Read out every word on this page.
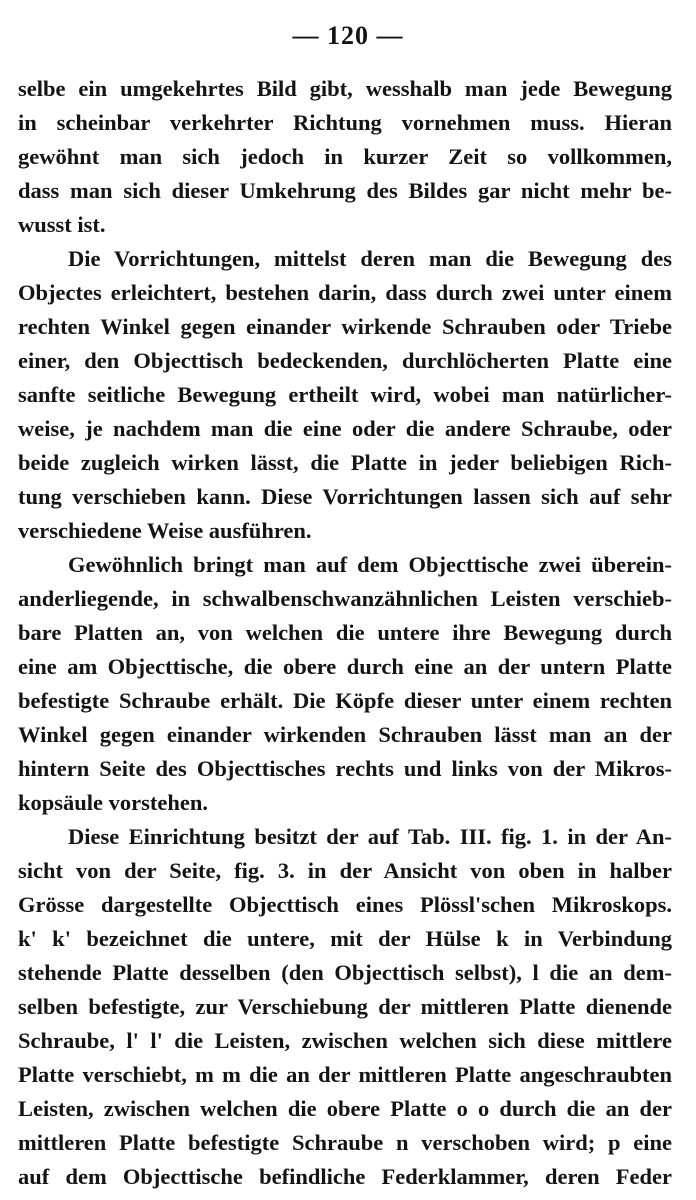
— 120 —
selbe ein umgekehrtes Bild gibt, wesshalb man jede Bewegung
in scheinbar verkehrter Richtung vornehmen muss. Hieran
gewöhnt man sich jedoch in kurzer Zeit so vollkommen,
dass man sich dieser Umkehrung des Bildes gar nicht mehr be-
wusst ist.
Die Vorrichtungen, mittelst deren man die Bewegung des
Objectes erleichtert, bestehen darin, dass durch zwei unter einem
rechten Winkel gegen einander wirkende Schrauben oder Triebe
einer, den Objecttisch bedeckenden, durchlöcherten Platte eine
sanfte seitliche Bewegung ertheilt wird, wobei man natürlicher-
weise, je nachdem man die eine oder die andere Schraube, oder
beide zugleich wirken lässt, die Platte in jeder beliebigen Rich-
tung verschieben kann. Diese Vorrichtungen lassen sich auf sehr
verschiedene Weise ausführen.
Gewöhnlich bringt man auf dem Objecttische zwei überein-
anderliegende, in schwalbenschwanzähnlichen Leisten verschieb-
bare Platten an, von welchen die untere ihre Bewegung durch
eine am Objecttische, die obere durch eine an der untern Platte
befestigte Schraube erhält. Die Köpfe dieser unter einem rechten
Winkel gegen einander wirkenden Schrauben lässt man an der
hintern Seite des Objecttisches rechts und links von der Mikros-
kopsäule vorstehen.
Diese Einrichtung besitzt der auf Tab. III. fig. 1. in der An-
sicht von der Seite, fig. 3. in der Ansicht von oben in halber
Grösse dargestellte Objecttisch eines Plössl'schen Mikroskops.
k' k' bezeichnet die untere, mit der Hülse k in Verbindung
stehende Platte desselben (den Objecttisch selbst), l die an dem-
selben befestigte, zur Verschiebung der mittleren Platte dienende
Schraube, l' l' die Leisten, zwischen welchen sich diese mittlere
Platte verschiebt, m m die an der mittleren Platte angeschraubten
Leisten, zwischen welchen die obere Platte o o durch die an der
mittleren Platte befestigte Schraube n verschoben wird; p eine
auf dem Objecttische befindliche Federklammer, deren Feder
